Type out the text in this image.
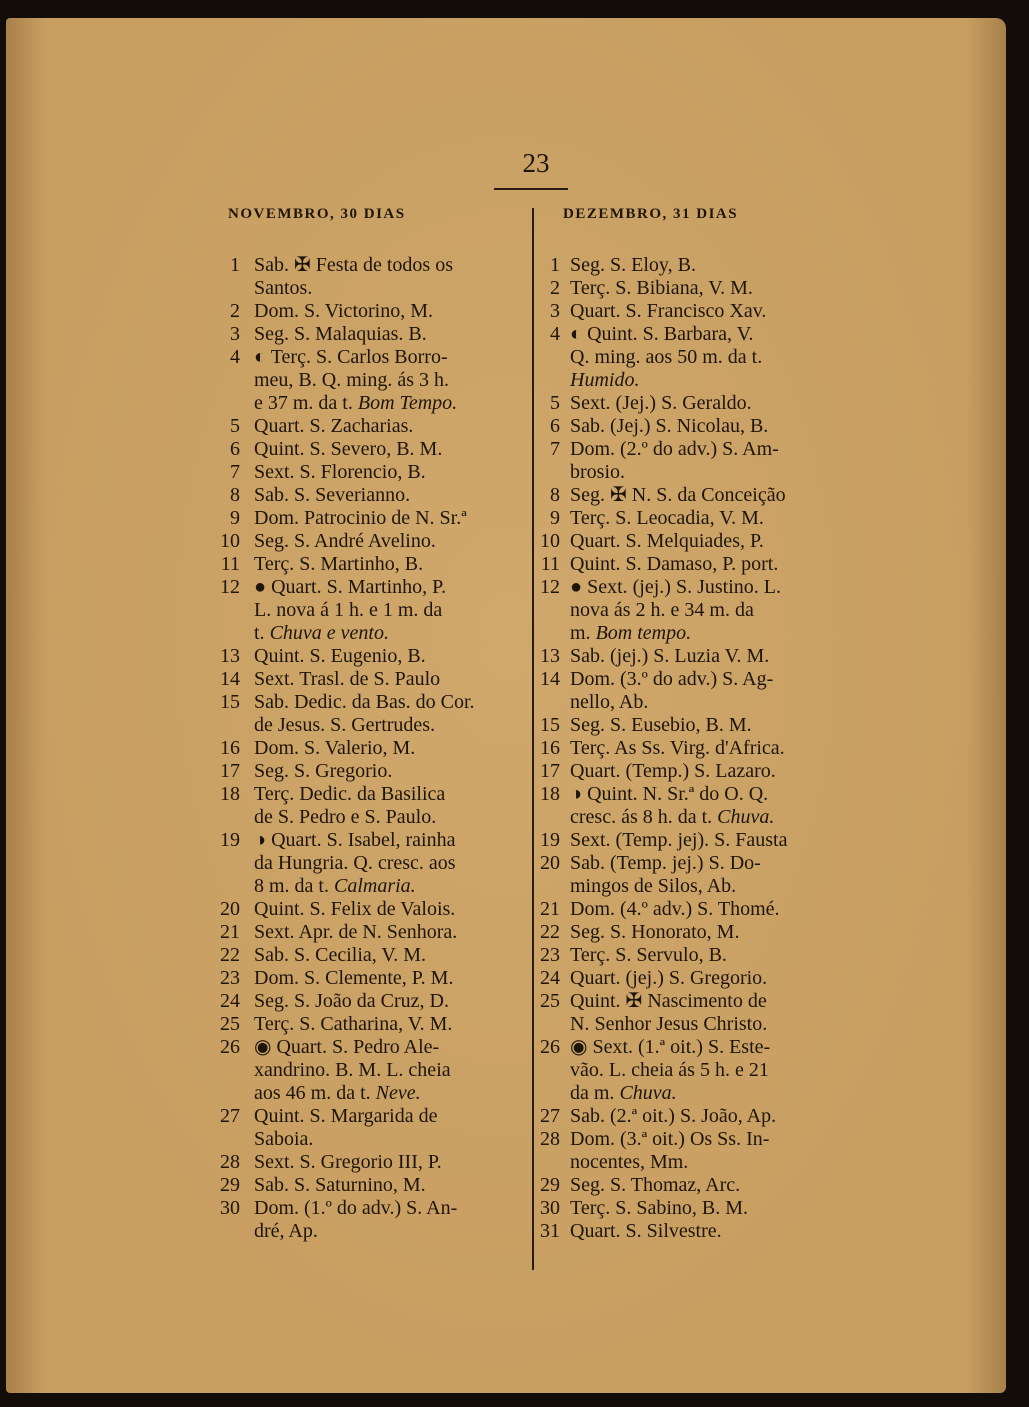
23
NOVEMBRO, 30 DIAS	DEZEMBRO, 31 DIAS
1 Sab. ✠ Festa de todos os
Santos.
2 Dom. S. Victorino, M.
3 Seg. S. Malaquias. B.
4 ◐ Terç. S. Carlos Borro-
meu, B. Q. ming. ás 3 h.
e 37 m. da t. Bom Tempo.
5 Quart. S. Zacharias.
6 Quint. S. Severo, B. M.
7 Sext. S. Florencio, B.
8 Sab. S. Severianno.
9 Dom. Patrocinio de N. Sr.ª
10 Seg. S. André Avelino.
11 Terç. S. Martinho, B.
12 ● Quart. S. Martinho, P.
L. nova á 1 h. e 1 m. da
t. Chuva e vento.
13 Quint. S. Eugenio, B.
14 Sext. Trasl. de S. Paulo
15 Sab. Dedic. da Bas. do Cor.
de Jesus. S. Gertrudes.
16 Dom. S. Valerio, M.
17 Seg. S. Gregorio.
18 Terç. Dedic. da Basilica
de S. Pedro e S. Paulo.
19 ◑ Quart. S. Isabel, rainha
da Hungria. Q. cresc. aos
8 m. da t. Calmaria.
20 Quint. S. Felix de Valois.
21 Sext. Apr. de N. Senhora.
22 Sab. S. Cecilia, V. M.
23 Dom. S. Clemente, P. M.
24 Seg. S. João da Cruz, D.
25 Terç. S. Catharina, V. M.
26 ◉ Quart. S. Pedro Ale-
xandrino. B. M. L. cheia
aos 46 m. da t. Neve.
27 Quint. S. Margarida de
Saboia.
28 Sext. S. Gregorio III, P.
29 Sab. S. Saturnino, M.
30 Dom. (1.º do adv.) S. An-
dré, Ap.
1 Seg. S. Eloy, B.
2 Terç. S. Bibiana, V. M.
3 Quart. S. Francisco Xav.
4 ◐ Quint. S. Barbara, V.
Q. ming. aos 50 m. da t.
Humido.
5 Sext. (Jej.) S. Geraldo.
6 Sab. (Jej.) S. Nicolau, B.
7 Dom. (2.º do adv.) S. Am-
brosio.
8 Seg. ✠ N. S. da Conceição
9 Terç. S. Leocadia, V. M.
10 Quart. S. Melquiades, P.
11 Quint. S. Damaso, P. port.
12 ● Sext. (jej.) S. Justino. L.
nova ás 2 h. e 34 m. da
m. Bom tempo.
13 Sab. (jej.) S. Luzia V. M.
14 Dom. (3.º do adv.) S. Ag-
nello, Ab.
15 Seg. S. Eusebio, B. M.
16 Terç. As Ss. Virg. d'Africa.
17 Quart. (Temp.) S. Lazaro.
18 ◑ Quint. N. Sr.ª do O. Q.
cresc. ás 8 h. da t. Chuva.
19 Sext. (Temp. jej). S. Fausta
20 Sab. (Temp. jej.) S. Do-
mingos de Silos, Ab.
21 Dom. (4.º adv.) S. Thomé.
22 Seg. S. Honorato, M.
23 Terç. S. Servulo, B.
24 Quart. (jej.) S. Gregorio.
25 Quint. ✠ Nascimento de
N. Senhor Jesus Christo.
26 ◉ Sext. (1.ª oit.) S. Este-
vão. L. cheia ás 5 h. e 21
da m. Chuva.
27 Sab. (2.ª oit.) S. João, Ap.
28 Dom. (3.ª oit.) Os Ss. In-
nocentes, Mm.
29 Seg. S. Thomaz, Arc.
30 Terç. S. Sabino, B. M.
31 Quart. S. Silvestre.
